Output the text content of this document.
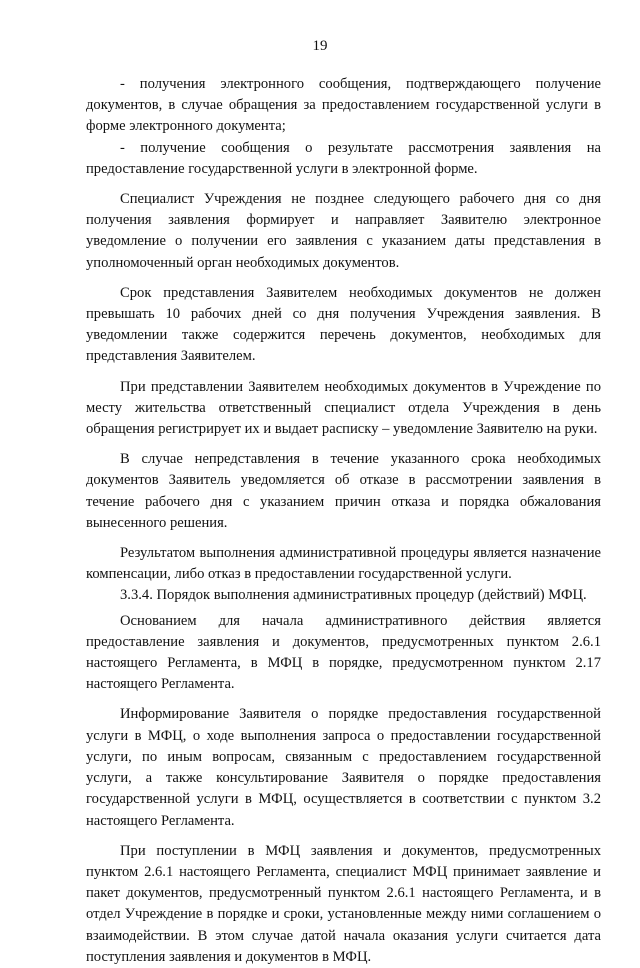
19

- получения электронного сообщения, подтверждающего получение документов, в случае обращения за предоставлением государственной услуги в форме электронного документа;

- получение сообщения о результате рассмотрения заявления на предоставление государственной услуги в электронной форме.

Специалист Учреждения не позднее следующего рабочего дня со дня получения заявления формирует и направляет Заявителю электронное уведомление о получении его заявления с указанием даты представления в уполномоченный орган необходимых документов.

Срок представления Заявителем необходимых документов не должен превышать 10 рабочих дней со дня получения Учреждения заявления. В уведомлении также содержится перечень документов, необходимых для представления Заявителем.

При представлении Заявителем необходимых документов в Учреждение по месту жительства ответственный специалист отдела Учреждения в день обращения регистрирует их и выдает расписку – уведомление Заявителю на руки.

В случае непредставления в течение указанного срока необходимых документов Заявитель уведомляется об отказе в рассмотрении заявления в течение рабочего дня с указанием причин отказа и порядка обжалования вынесенного решения.

Результатом выполнения административной процедуры является назначение компенсации, либо отказ в предоставлении государственной услуги.

3.3.4. Порядок выполнения административных процедур (действий) МФЦ.

Основанием для начала административного действия является предоставление заявления и документов, предусмотренных пунктом 2.6.1 настоящего Регламента, в МФЦ в порядке, предусмотренном пунктом 2.17 настоящего Регламента.

Информирование Заявителя о порядке предоставления государственной услуги в МФЦ, о ходе выполнения запроса о предоставлении государственной услуги, по иным вопросам, связанным с предоставлением государственной услуги, а также консультирование Заявителя о порядке предоставления государственной услуги в МФЦ, осуществляется в соответствии с пунктом 3.2 настоящего Регламента.

При поступлении в МФЦ заявления и документов, предусмотренных пунктом 2.6.1 настоящего Регламента, специалист МФЦ принимает заявление и пакет документов, предусмотренный пунктом 2.6.1 настоящего Регламента, и в отдел Учреждение в порядке и сроки, установленные между ними соглашением о взаимодействии. В этом случае датой начала оказания услуги считается дата поступления заявления и документов в МФЦ.
